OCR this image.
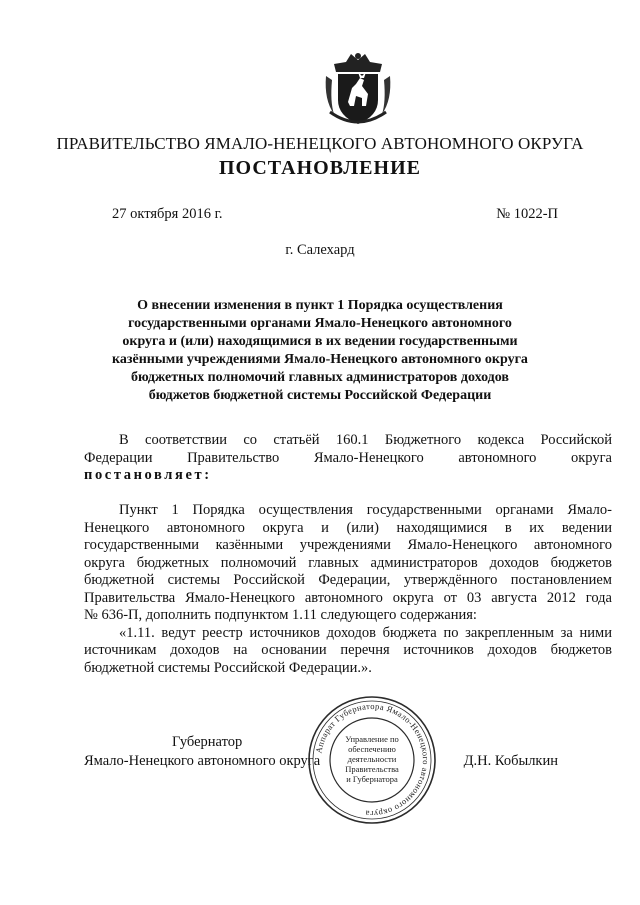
ПРАВИТЕЛЬСТВО ЯМАЛО-НЕНЕЦКОГО АВТОНОМНОГО ОКРУГА
ПОСТАНОВЛЕНИЕ
27 октября 2016 г.	№ 1022-П
г. Салехард
О внесении изменения в пункт 1 Порядка осуществления
государственными органами Ямало-Ненецкого автономного
округа и (или) находящимися в их ведении государственными
казёнными учреждениями Ямало-Ненецкого автономного округа
бюджетных полномочий главных администраторов доходов
бюджетов бюджетной системы Российской Федерации
В соответствии со статьёй 160.1 Бюджетного кодекса Российской
Федерации Правительство Ямало-Ненецкого автономного округа
постановляет:
Пункт 1 Порядка осуществления государственными органами Ямало-
Ненецкого автономного округа и (или) находящимися в их ведении
государственными казёнными учреждениями Ямало-Ненецкого автономного
округа бюджетных полномочий главных администраторов доходов бюджетов
бюджетной системы Российской Федерации, утверждённого постановлением
Правительства Ямало-Ненецкого автономного округа от 03 августа 2012 года
№ 636-П, дополнить подпунктом 1.11 следующего содержания:
«1.11. ведут реестр источников доходов бюджета по закрепленным за ними
источникам доходов на основании перечня источников доходов бюджетов
бюджетной системы Российской Федерации.».
Губернатор
Ямало-Ненецкого автономного округа	Д.Н. Кобылкин
Аппарат Губернатора Ямало-Ненецкого автономного округа
Управление по
обеспечению
деятельности
Правительства
и Губернатора
